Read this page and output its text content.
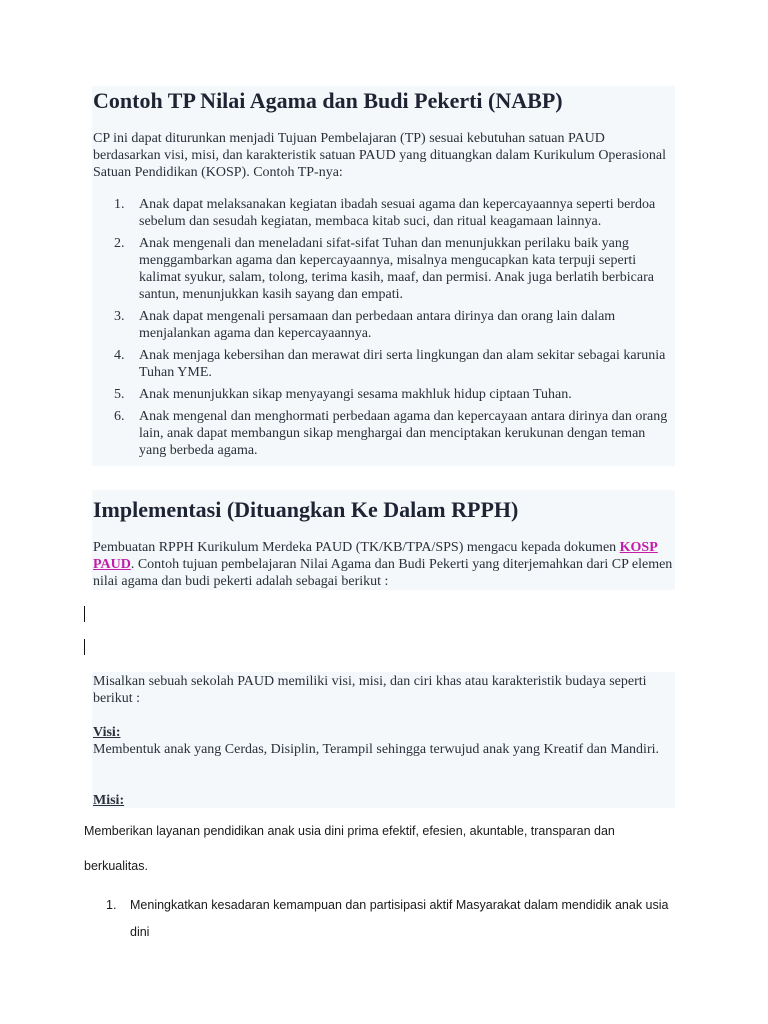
Contoh TP Nilai Agama dan Budi Pekerti (NABP)

CP ini dapat diturunkan menjadi Tujuan Pembelajaran (TP) sesuai kebutuhan satuan PAUD berdasarkan visi, misi, dan karakteristik satuan PAUD yang dituangkan dalam Kurikulum Operasional Satuan Pendidikan (KOSP). Contoh TP-nya:

1. Anak dapat melaksanakan kegiatan ibadah sesuai agama dan kepercayaannya seperti berdoa sebelum dan sesudah kegiatan, membaca kitab suci, dan ritual keagamaan lainnya.
2. Anak mengenali dan meneladani sifat-sifat Tuhan dan menunjukkan perilaku baik yang menggambarkan agama dan kepercayaannya, misalnya mengucapkan kata terpuji seperti kalimat syukur, salam, tolong, terima kasih, maaf, dan permisi. Anak juga berlatih berbicara santun, menunjukkan kasih sayang dan empati.
3. Anak dapat mengenali persamaan dan perbedaan antara dirinya dan orang lain dalam menjalankan agama dan kepercayaannya.
4. Anak menjaga kebersihan dan merawat diri serta lingkungan dan alam sekitar sebagai karunia Tuhan YME.
5. Anak menunjukkan sikap menyayangi sesama makhluk hidup ciptaan Tuhan.
6. Anak mengenal dan menghormati perbedaan agama dan kepercayaan antara dirinya dan orang lain, anak dapat membangun sikap menghargai dan menciptakan kerukunan dengan teman yang berbeda agama.
Implementasi (Dituangkan Ke Dalam RPPH)

Pembuatan RPPH Kurikulum Merdeka PAUD (TK/KB/TPA/SPS) mengacu kepada dokumen KOSP PAUD. Contoh tujuan pembelajaran Nilai Agama dan Budi Pekerti yang diterjemahkan dari CP elemen nilai agama dan budi pekerti adalah sebagai berikut :

Misalkan sebuah sekolah PAUD memiliki visi, misi, dan ciri khas atau karakteristik budaya seperti berikut :

Visi:

Membentuk anak yang Cerdas, Disiplin, Terampil sehingga terwujud anak yang Kreatif dan Mandiri.

Misi:

Memberikan layanan pendidikan anak usia dini prima efektif, efesien, akuntable, transparan dan

berkualitas.

1. Meningkatkan kesadaran kemampuan dan partisipasi aktif Masyarakat dalam mendidik anak usia dini
